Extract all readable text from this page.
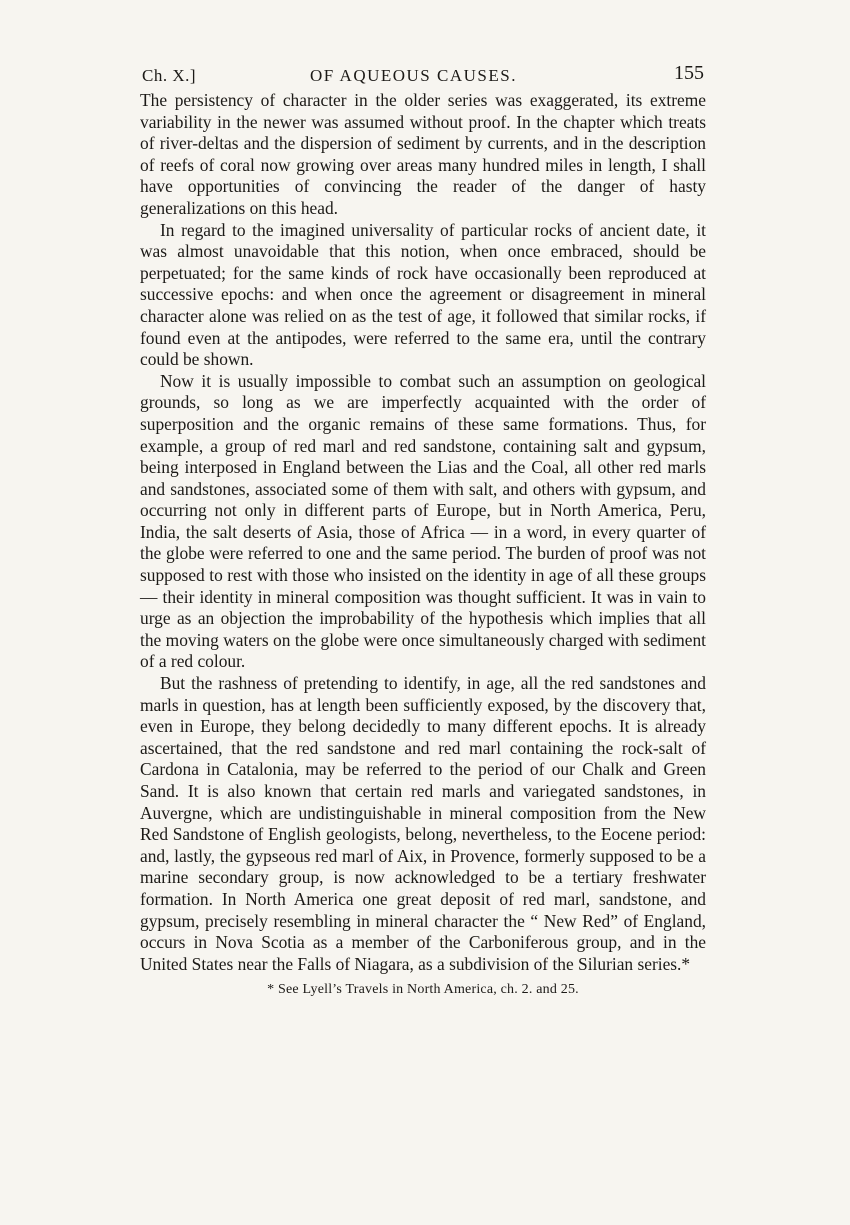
Ch. X.]	OF AQUEOUS CAUSES.	155

The persistency of character in the older series was exaggerated, its extreme variability in the newer was assumed without proof. In the chapter which treats of river-deltas and the dispersion of sediment by currents, and in the description of reefs of coral now growing over areas many hundred miles in length, I shall have opportunities of convincing the reader of the danger of hasty generalizations on this head.

In regard to the imagined universality of particular rocks of ancient date, it was almost unavoidable that this notion, when once embraced, should be perpetuated; for the same kinds of rock have occasionally been reproduced at successive epochs: and when once the agreement or disagreement in mineral character alone was relied on as the test of age, it followed that similar rocks, if found even at the antipodes, were referred to the same era, until the contrary could be shown.

Now it is usually impossible to combat such an assumption on geological grounds, so long as we are imperfectly acquainted with the order of superposition and the organic remains of these same formations. Thus, for example, a group of red marl and red sandstone, containing salt and gypsum, being interposed in England between the Lias and the Coal, all other red marls and sandstones, associated some of them with salt, and others with gypsum, and occurring not only in different parts of Europe, but in North America, Peru, India, the salt deserts of Asia, those of Africa — in a word, in every quarter of the globe were referred to one and the same period. The burden of proof was not supposed to rest with those who insisted on the identity in age of all these groups — their identity in mineral composition was thought sufficient. It was in vain to urge as an objection the improbability of the hypothesis which implies that all the moving waters on the globe were once simultaneously charged with sediment of a red colour.

But the rashness of pretending to identify, in age, all the red sandstones and marls in question, has at length been sufficiently exposed, by the discovery that, even in Europe, they belong decidedly to many different epochs. It is already ascertained, that the red sandstone and red marl containing the rock-salt of Cardona in Catalonia, may be referred to the period of our Chalk and Green Sand. It is also known that certain red marls and variegated sandstones, in Auvergne, which are undistinguishable in mineral composition from the New Red Sandstone of English geologists, belong, nevertheless, to the Eocene period: and, lastly, the gypseous red marl of Aix, in Provence, formerly supposed to be a marine secondary group, is now acknowledged to be a tertiary freshwater formation. In North America one great deposit of red marl, sandstone, and gypsum, precisely resembling in mineral character the “ New Red” of England, occurs in Nova Scotia as a member of the Carboniferous group, and in the United States near the Falls of Niagara, as a subdivision of the Silurian series.*

* See Lyell’s Travels in North America, ch. 2. and 25.
